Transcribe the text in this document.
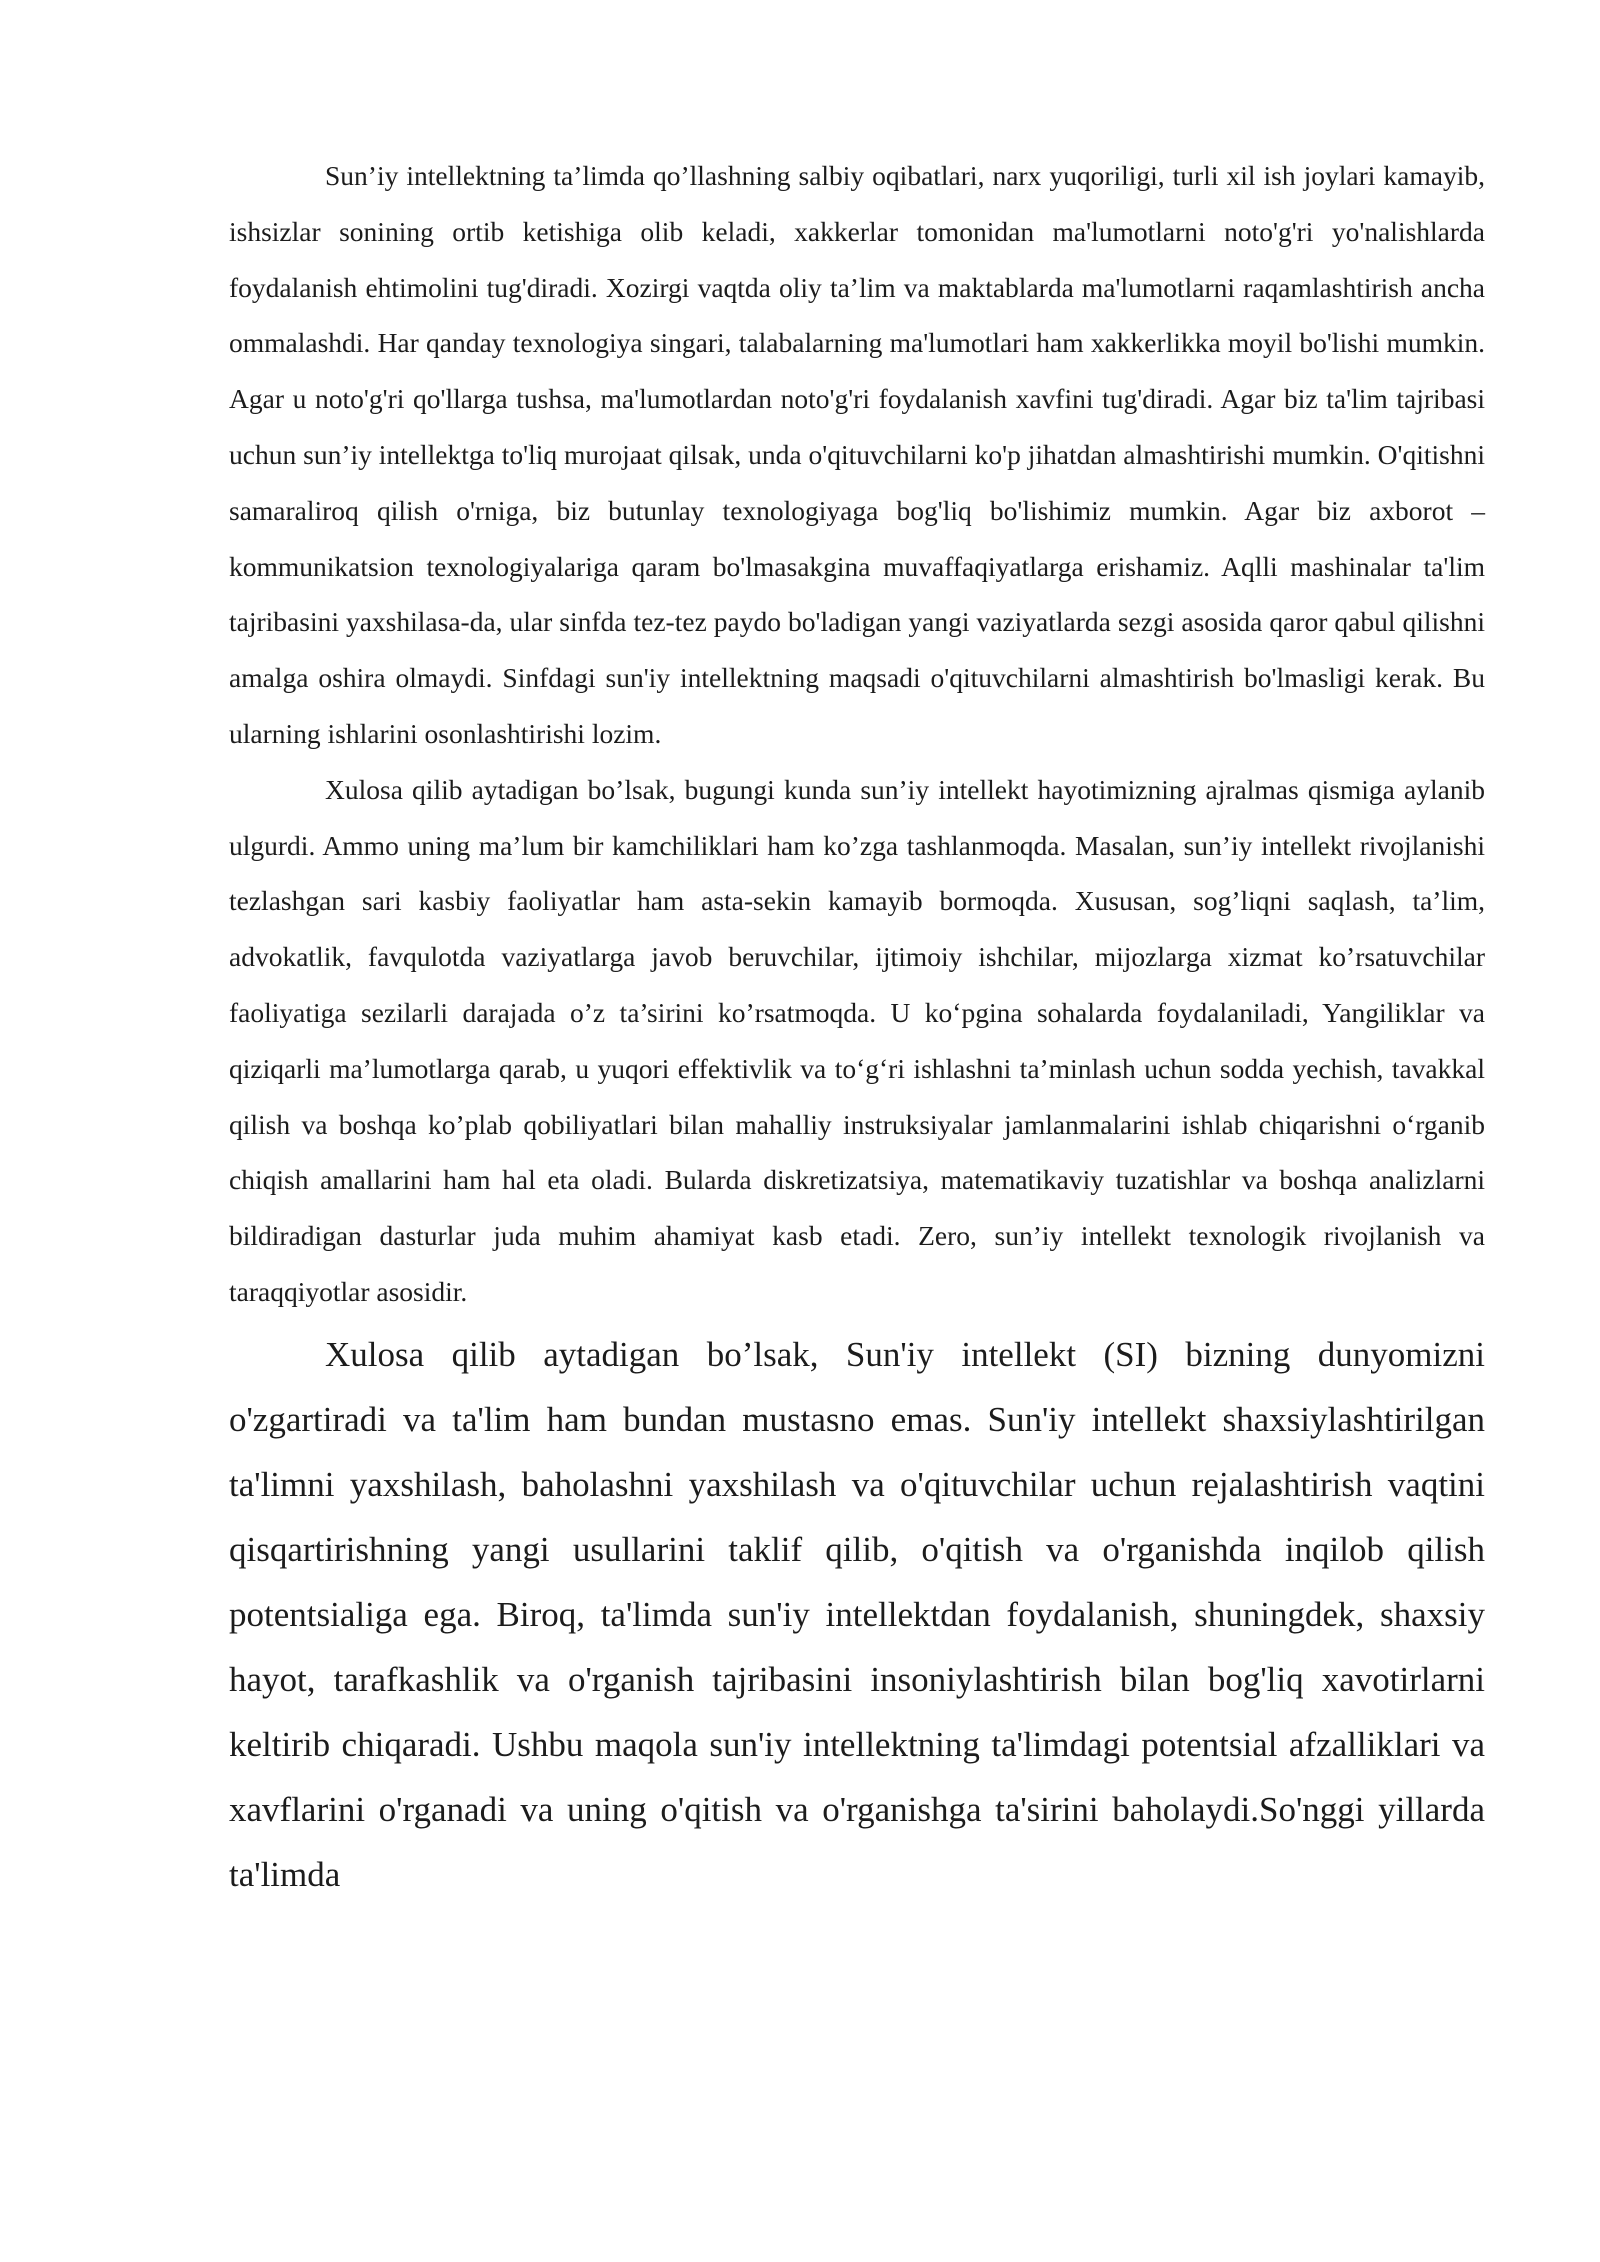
Sun’iy intellektning ta’limda qo’llashning salbiy oqibatlari, narx yuqoriligi, turli xil ish joylari kamayib, ishsizlar sonining ortib ketishiga olib keladi, xakkerlar tomonidan ma'lumotlarni noto'g'ri yo'nalishlarda foydalanish ehtimolini tug'diradi. Xozirgi vaqtda oliy ta’lim va maktablarda ma'lumotlarni raqamlashtirish ancha ommalashdi. Har qanday texnologiya singari, talabalarning ma'lumotlari ham xakkerlikka moyil bo'lishi mumkin. Agar u noto'g'ri qo'llarga tushsa, ma'lumotlardan noto'g'ri foydalanish xavfini tug'diradi. Agar biz ta'lim tajribasi uchun sun’iy intellektga to'liq murojaat qilsak, unda o'qituvchilarni ko'p jihatdan almashtirishi mumkin. O'qitishni samaraliroq qilish o'rniga, biz butunlay texnologiyaga bog'liq bo'lishimiz mumkin. Agar biz axborot – kommunikatsion texnologiyalariga qaram bo'lmasakgina muvaffaqiyatlarga erishamiz. Aqlli mashinalar ta'lim tajribasini yaxshilasa-da, ular sinfda tez-tez paydo bo'ladigan yangi vaziyatlarda sezgi asosida qaror qabul qilishni amalga oshira olmaydi. Sinfdagi sun'iy intellektning maqsadi o'qituvchilarni almashtirish bo'lmasligi kerak. Bu ularning ishlarini osonlashtirishi lozim.

Xulosa qilib aytadigan bo’lsak, bugungi kunda sun’iy intellekt hayotimizning ajralmas qismiga aylanib ulgurdi. Ammo uning ma’lum bir kamchiliklari ham ko’zga tashlanmoqda. Masalan, sun’iy intellekt rivojlanishi tezlashgan sari kasbiy faoliyatlar ham asta-sekin kamayib bormoqda. Xususan, sog’liqni saqlash, ta’lim, advokatlik, favqulotda vaziyatlarga javob beruvchilar, ijtimoiy ishchilar, mijozlarga xizmat ko’rsatuvchilar faoliyatiga sezilarli darajada o’z ta’sirini ko’rsatmoqda. U ko‘pgina sohalarda foydalaniladi, Yangiliklar va qiziqarli ma’lumotlarga qarab, u yuqori effektivlik va to‘g‘ri ishlashni ta’minlash uchun sodda yechish, tavakkal qilish va boshqa ko’plab qobiliyatlari bilan mahalliy instruksiyalar jamlanmalarini ishlab chiqarishni o‘rganib chiqish amallarini ham hal eta oladi. Bularda diskretizatsiya, matematikaviy tuzatishlar va boshqa analizlarni bildiradigan dasturlar juda muhim ahamiyat kasb etadi. Zero, sun’iy intellekt texnologik rivojlanish va taraqqiyotlar asosidir.

Xulosa qilib aytadigan bo’lsak, Sun'iy intellekt (SI) bizning dunyomizni o'zgartiradi va ta'lim ham bundan mustasno emas. Sun'iy intellekt shaxsiylashtirilgan ta'limni yaxshilash, baholashni yaxshilash va o'qituvchilar uchun rejalashtirish vaqtini qisqartirishning yangi usullarini taklif qilib, o'qitish va o'rganishda inqilob qilish potentsialiga ega. Biroq, ta'limda sun'iy intellektdan foydalanish, shuningdek, shaxsiy hayot, tarafkashlik va o'rganish tajribasini insoniylashtirish bilan bog'liq xavotirlarni keltirib chiqaradi. Ushbu maqola sun'iy intellektning ta'limdagi potentsial afzalliklari va xavflarini o'rganadi va uning o'qitish va o'rganishga ta'sirini baholaydi.So'nggi yillarda ta'limda
